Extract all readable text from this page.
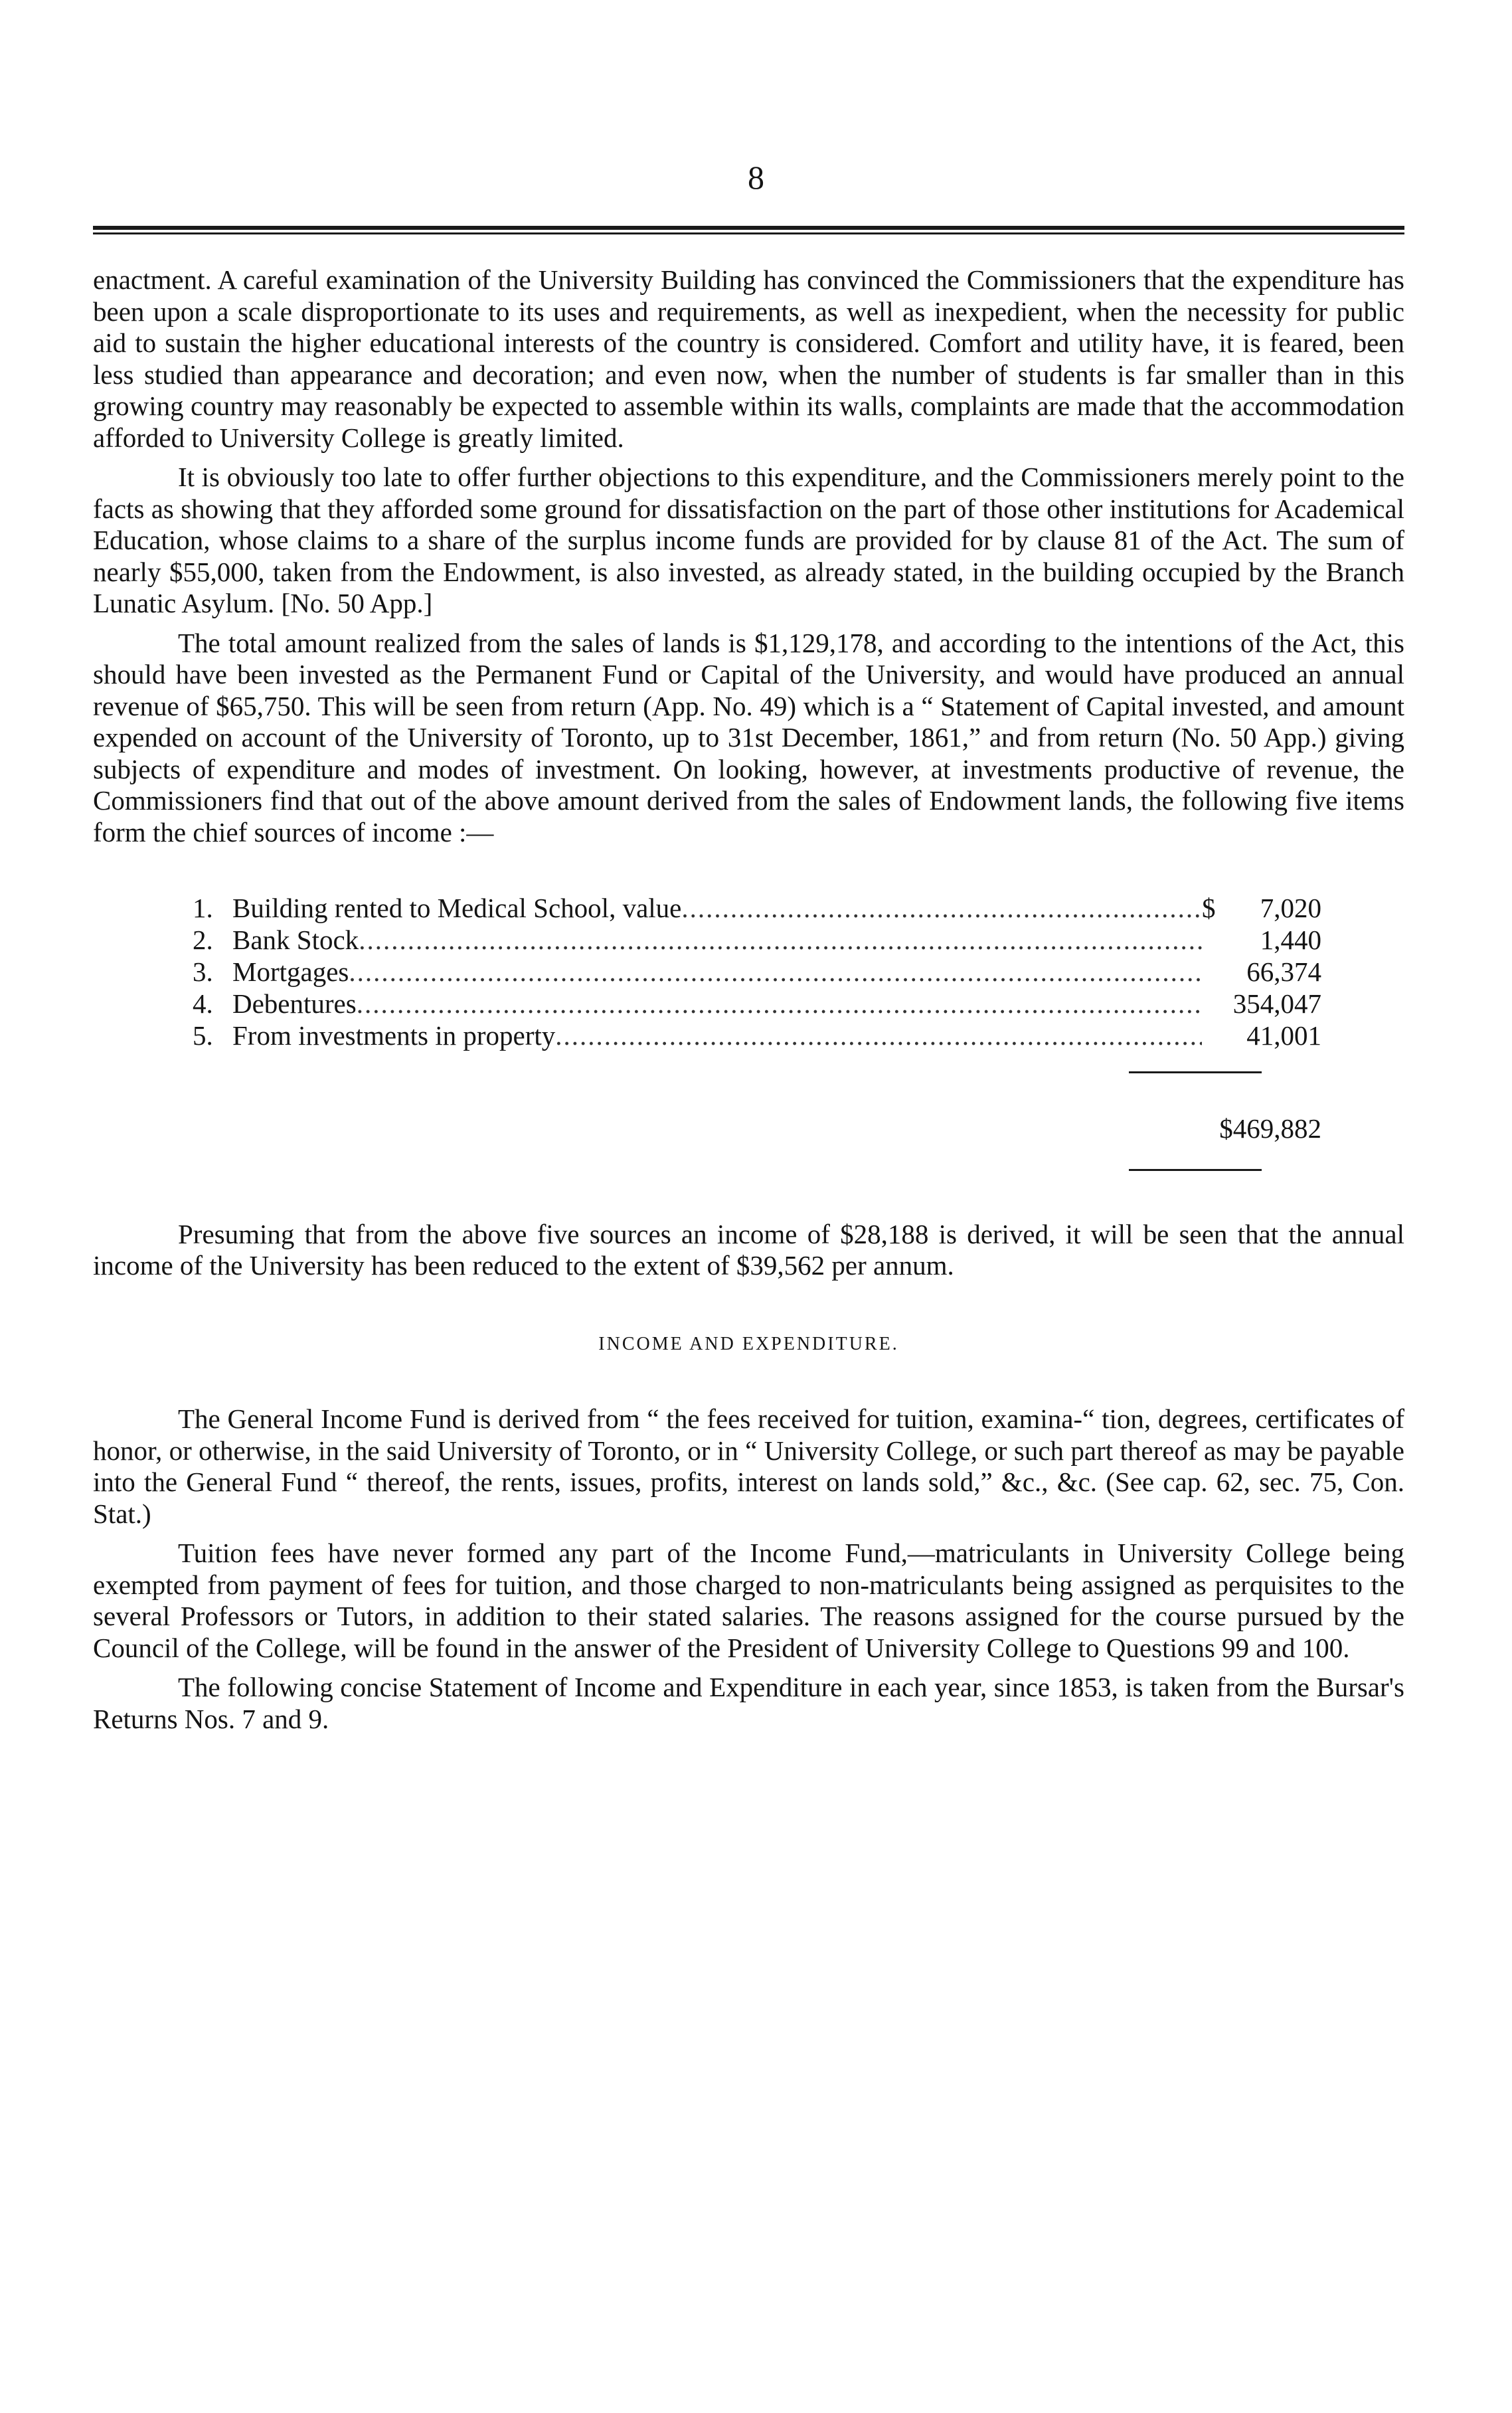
8

enactment. A careful examination of the University Building has convinced the Commissioners that the expenditure has been upon a scale disproportionate to its uses and requirements, as well as inexpedient, when the necessity for public aid to sustain the higher educational interests of the country is considered. Comfort and utility have, it is feared, been less studied than appearance and decoration; and even now, when the number of students is far smaller than in this growing country may reasonably be expected to assemble within its walls, complaints are made that the accommodation afforded to University College is greatly limited.

It is obviously too late to offer further objections to this expenditure, and the Commissioners merely point to the facts as showing that they afforded some ground for dissatisfaction on the part of those other institutions for Academical Education, whose claims to a share of the surplus income funds are provided for by clause 81 of the Act. The sum of nearly $55,000, taken from the Endowment, is also invested, as already stated, in the building occupied by the Branch Lunatic Asylum. [No. 50 App.]

The total amount realized from the sales of lands is $1,129,178, and according to the intentions of the Act, this should have been invested as the Permanent Fund or Capital of the University, and would have produced an annual revenue of $65,750. This will be seen from return (App. No. 49) which is a “ Statement of Capital invested, and amount expended on account of the University of Toronto, up to 31st December, 1861,” and from return (No. 50 App.) giving subjects of expenditure and modes of investment. On looking, however, at investments productive of revenue, the Commissioners find that out of the above amount derived from the sales of Endowment lands, the following five items form the chief sources of income :—

1. Building rented to Medical School, value .....	$	7,020
2. Bank Stock .....	1,440
3. Mortgages .....	66,374
4. Debentures .....	354,047
5. From investments in property .....	41,001
$469,882

Presuming that from the above five sources an income of $28,188 is derived, it will be seen that the annual income of the University has been reduced to the extent of $39,562 per annum.

INCOME AND EXPENDITURE.

The General Income Fund is derived from “ the fees received for tuition, examina-“ tion, degrees, certificates of honor, or otherwise, in the said University of Toronto, or in “ University College, or such part thereof as may be payable into the General Fund “ thereof, the rents, issues, profits, interest on lands sold,” &c., &c. (See cap. 62, sec. 75, Con. Stat.)

Tuition fees have never formed any part of the Income Fund,—matriculants in University College being exempted from payment of fees for tuition, and those charged to non-matriculants being assigned as perquisites to the several Professors or Tutors, in addition to their stated salaries. The reasons assigned for the course pursued by the Council of the College, will be found in the answer of the President of University College to Questions 99 and 100.

The following concise Statement of Income and Expenditure in each year, since 1853, is taken from the Bursar's Returns Nos. 7 and 9.
